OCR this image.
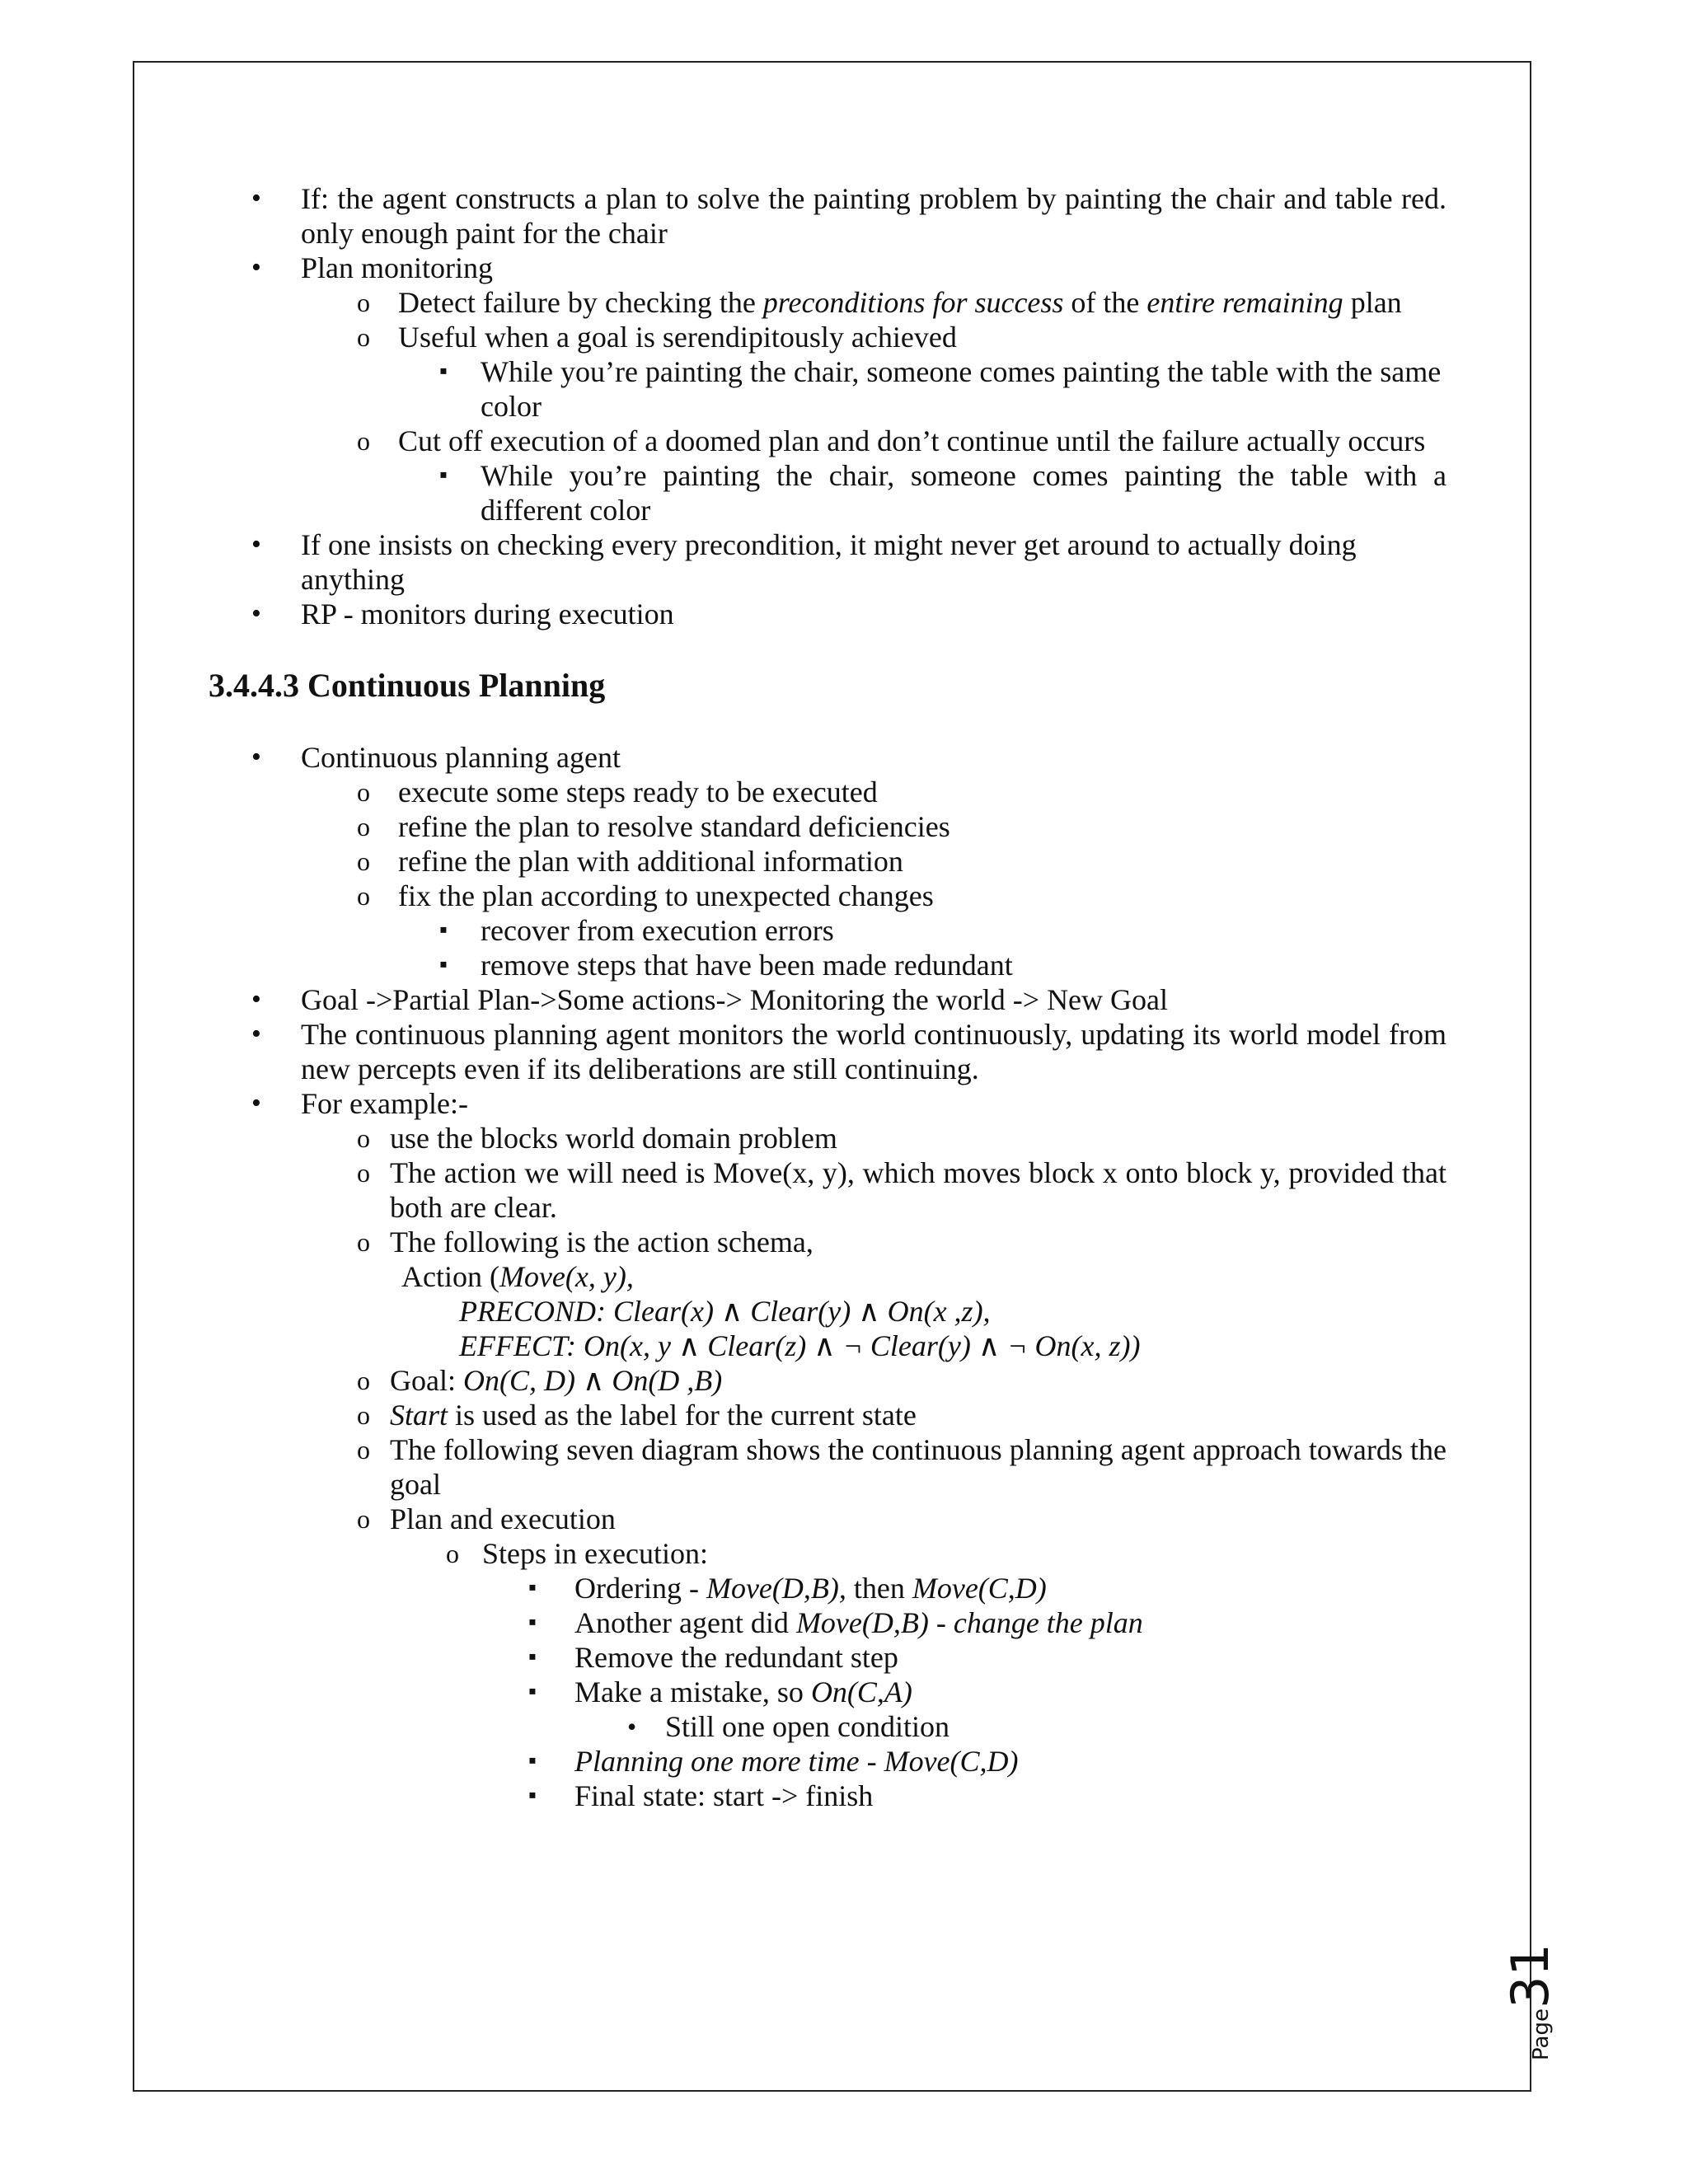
• If: the agent constructs a plan to solve the painting problem by painting the chair and table red. only enough paint for the chair
• Plan monitoring
o Detect failure by checking the preconditions for success of the entire remaining plan
o Useful when a goal is serendipitously achieved
▪ While you’re painting the chair, someone comes painting the table with the same color
o Cut off execution of a doomed plan and don’t continue until the failure actually occurs
▪ While you’re painting the chair, someone comes painting the table with a different color
• If one insists on checking every precondition, it might never get around to actually doing anything
• RP - monitors during execution
3.4.4.3 Continuous Planning
• Continuous planning agent
o execute some steps ready to be executed
o refine the plan to resolve standard deficiencies
o refine the plan with additional information
o fix the plan according to unexpected changes
▪ recover from execution errors
▪ remove steps that have been made redundant
• Goal ->Partial Plan->Some actions-> Monitoring the world -> New Goal
• The continuous planning agent monitors the world continuously, updating its world model from new percepts even if its deliberations are still continuing.
• For example:-
o use the blocks world domain problem
o The action we will need is Move(x, y), which moves block x onto block y, provided that both are clear.
o The following is the action schema,
Action (Move(x, y),
PRECOND: Clear(x) ∧ Clear(y) ∧ On(x ,z),
EFFECT: On(x, y ∧ Clear(z) ∧ ¬ Clear(y) ∧ ¬ On(x, z))
o Goal: On(C, D) ∧ On(D ,B)
o Start is used as the label for the current state
o The following seven diagram shows the continuous planning agent approach towards the goal
o Plan and execution
o Steps in execution:
▪ Ordering - Move(D,B), then Move(C,D)
▪ Another agent did Move(D,B) - change the plan
▪ Remove the redundant step
▪ Make a mistake, so On(C,A)
• Still one open condition
▪ Planning one more time - Move(C,D)
▪ Final state: start -> finish
Page31
